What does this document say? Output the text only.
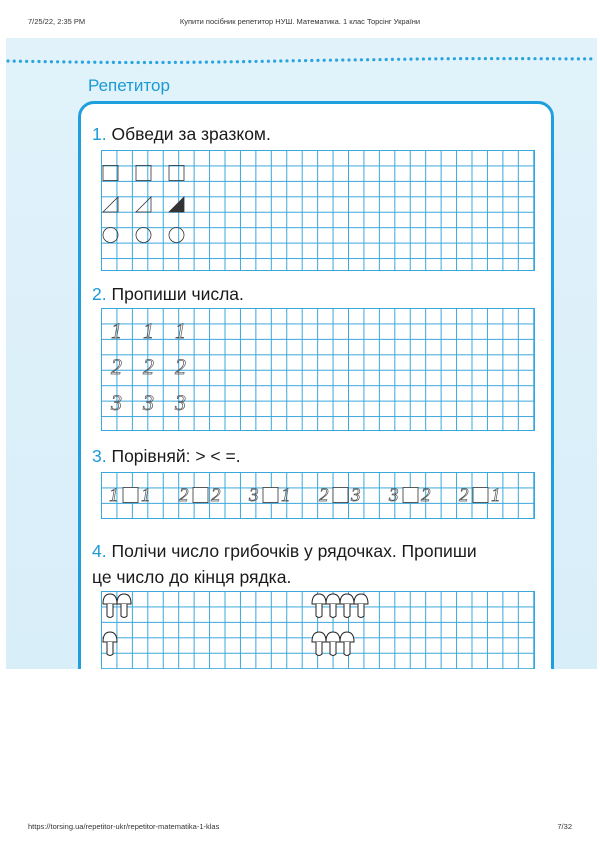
7/25/22, 2:35 PM	Купити посібник репетитор НУШ. Математика. 1 клас Торсінг України
Репетитор
1. Обведи за зразком.
2. Пропиши числа.
1 1 1
2 2 2
3 3 3
3. Порівняй: > < =.
1 1 2 2 3 1 2 3 3 2 2 1
4. Полічи число грибочків у рядочках. Пропиши
це число до кінця рядка.
https://torsing.ua/repetitor-ukr/repetitor-matematika-1-klas	7/32
